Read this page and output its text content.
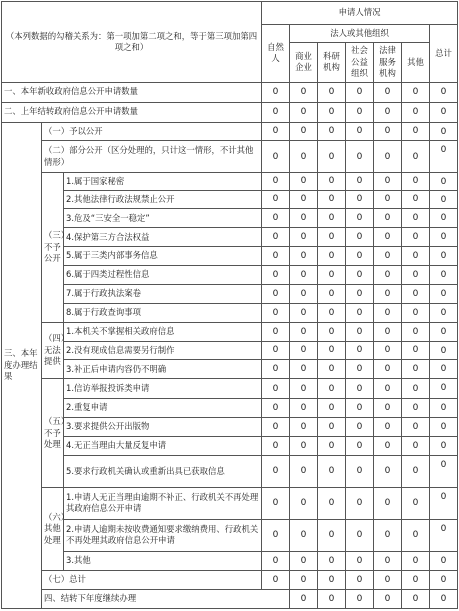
（本列数据的勾稽关系为：第一项加第二项之和，等于第三项加第四项之和）			申请人情况							
			自然人	法人或其他组织					总计	
				商业企业	科研机构	社会公益组织	法律服务机构	其他		
一、本年新收政府信息公开申请数量			0	0	0	0	0	0	0	
二、上年结转政府信息公开申请数量			0	0	0	0	0	0	0	
三、本年度办理结果	（一）予以公开		0	0	0	0	0	0	0	
	（二）部分公开（区分处理的，只计这一情形，不计其他情形）		0	0	0	0	0	0	0	
	（三）不予公开	1.属于国家秘密	0	0	0	0	0	0	0	
		2.其他法律行政法规禁止公开	0	0	0	0	0	0	0	
		3.危及“三安全一稳定”	0	0	0	0	0	0	0	
		4.保护第三方合法权益	0	0	0	0	0	0	0	
		5.属于三类内部事务信息	0	0	0	0	0	0	0	
		6.属于四类过程性信息	0	0	0	0	0	0	0	
		7.属于行政执法案卷	0	0	0	0	0	0	0	
		8.属于行政查询事项	0	0	0	0	0	0	0	
	（四）无法提供	1.本机关不掌握相关政府信息	0	0	0	0	0	0	0	
		2.没有现成信息需要另行制作	0	0	0	0	0	0	0	
		3.补正后申请内容仍不明确	0	0	0	0	0	0	0	
	（五）不予处理	1.信访举报投诉类申请	0	0	0	0	0	0	0	
		2.重复申请	0	0	0	0	0	0	0	
		3.要求提供公开出版物	0	0	0	0	0	0	0	
		4.无正当理由大量反复申请	0	0	0	0	0	0	0	
		5.要求行政机关确认或重新出具已获取信息	0	0	0	0	0	0	0	
	（六）其他处理	1.申请人无正当理由逾期不补正、行政机关不再处理其政府信息公开申请	0	0	0	0	0	0	0	
		2.申请人逾期未按收费通知要求缴纳费用、行政机关不再处理其政府信息公开申请	0	0	0	0	0	0	0	
		3.其他	0	0	0	0	0	0	0	
	（七）总计		0	0	0	0	0	0	0	
	四、结转下年度继续办理			0	0	0	0	0	0	
